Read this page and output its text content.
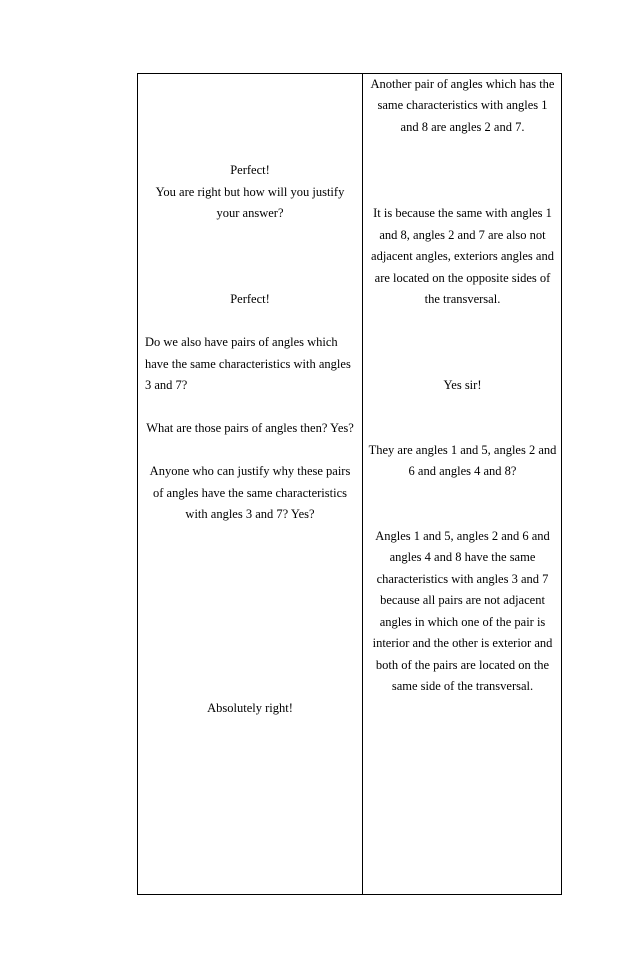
Another pair of angles which has the
same characteristics with angles 1
and 8 are angles 2 and 7.
It is because the same with angles 1
and 8, angles 2 and 7 are also not
adjacent angles, exteriors angles and
are located on the opposite sides of
the transversal.
Yes sir!
They are angles 1 and 5, angles 2 and
6 and angles 4 and 8?
Angles 1 and 5, angles 2 and 6 and
angles 4 and 8 have the same
characteristics with angles 3 and 7
because all pairs are not adjacent
angles in which one of the pair is
interior and the other is exterior and
both of the pairs are located on the
same side of the transversal.
Perfect!
You are right but how will you justify
your answer?
Perfect!
Do we also have pairs of angles which
have the same characteristics with angles
3 and 7?
What are those pairs of angles then? Yes?
Anyone who can justify why these pairs
of angles have the same characteristics
with angles 3 and 7? Yes?
Absolutely right!
